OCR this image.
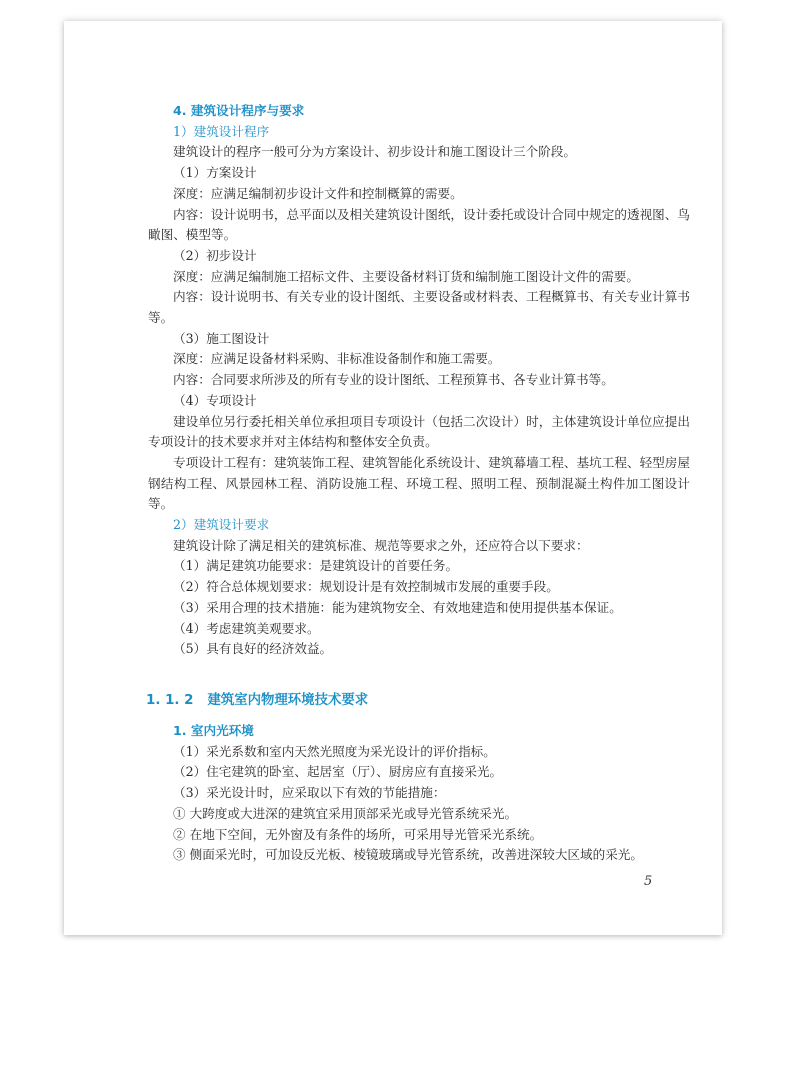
4. 建筑设计程序与要求

1）建筑设计程序

建筑设计的程序一般可分为方案设计、初步设计和施工图设计三个阶段。

（1）方案设计

深度：应满足编制初步设计文件和控制概算的需要。

内容：设计说明书，总平面以及相关建筑设计图纸，设计委托或设计合同中规定的透视图、鸟瞰图、模型等。

（2）初步设计

深度：应满足编制施工招标文件、主要设备材料订货和编制施工图设计文件的需要。

内容：设计说明书、有关专业的设计图纸、主要设备或材料表、工程概算书、有关专业计算书等。

（3）施工图设计

深度：应满足设备材料采购、非标准设备制作和施工需要。

内容：合同要求所涉及的所有专业的设计图纸、工程预算书、各专业计算书等。

（4）专项设计

建设单位另行委托相关单位承担项目专项设计（包括二次设计）时，主体建筑设计单位应提出专项设计的技术要求并对主体结构和整体安全负责。

专项设计工程有：建筑装饰工程、建筑智能化系统设计、建筑幕墙工程、基坑工程、轻型房屋钢结构工程、风景园林工程、消防设施工程、环境工程、照明工程、预制混凝土构件加工图设计等。

2）建筑设计要求

建筑设计除了满足相关的建筑标准、规范等要求之外，还应符合以下要求：

（1）满足建筑功能要求：是建筑设计的首要任务。

（2）符合总体规划要求：规划设计是有效控制城市发展的重要手段。

（3）采用合理的技术措施：能为建筑物安全、有效地建造和使用提供基本保证。

（4）考虑建筑美观要求。

（5）具有良好的经济效益。

1. 1. 2 建筑室内物理环境技术要求

1. 室内光环境

（1）采光系数和室内天然光照度为采光设计的评价指标。

（2）住宅建筑的卧室、起居室（厅）、厨房应有直接采光。

（3）采光设计时，应采取以下有效的节能措施：

① 大跨度或大进深的建筑宜采用顶部采光或导光管系统采光。

② 在地下空间，无外窗及有条件的场所，可采用导光管采光系统。

③ 侧面采光时，可加设反光板、棱镜玻璃或导光管系统，改善进深较大区域的采光。

5
